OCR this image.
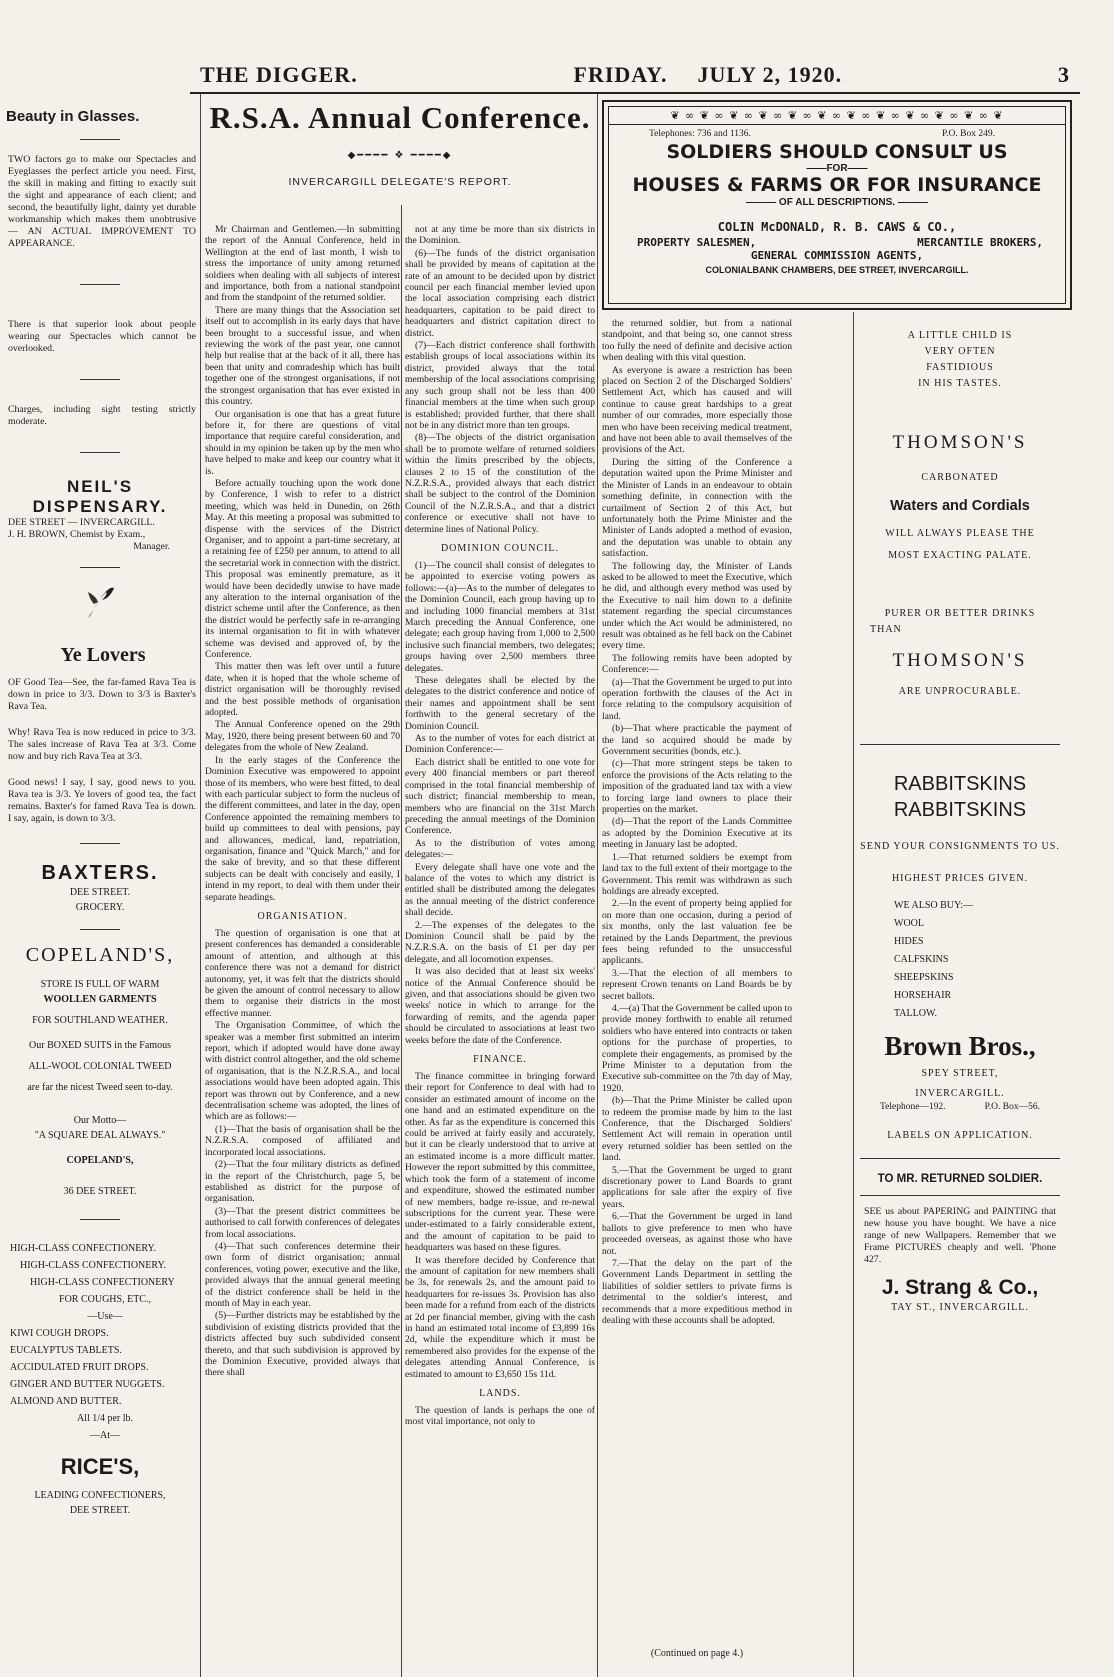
THE DIGGER.	FRIDAY. JULY 2, 1920.	3
Beauty in Glasses.
TWO factors go to make our Spectacles and Eyeglasses the perfect article you need. First, the skill in making and fitting to exactly suit the sight and appearance of each client; and second, the beautifully light, dainty yet durable workmanship which makes them unobtrusive — AN ACTUAL IMPROVEMENT TO APPEARANCE.
There is that superior look about people wearing our Spectacles which cannot be overlooked.
Charges, including sight testing strictly moderate.
NEIL'S DISPENSARY.
DEE STREET — INVERCARGILL.
J. H. BROWN, Chemist by Exam.,
Manager.
Ye Lovers
OF Good Tea—See, the far-famed Rava Tea is down in price to 3/3. Down to 3/3 is Baxter's Rava Tea.
Why! Rava Tea is now reduced in price to 3/3. The sales increase of Rava Tea at 3/3. Come now and buy rich Rava Tea at 3/3.
Good news! I say, I say, good news to you. Rava tea is 3/3. Ye lovers of good tea, the fact remains. Baxter's for famed Rava Tea is down. I say, again, is down to 3/3.
BAXTERS.
DEE STREET.
GROCERY.
COPELAND'S,
STORE IS FULL OF WARM
WOOLLEN GARMENTS
FOR SOUTHLAND WEATHER.
Our BOXED SUITS in the Famous
ALL-WOOL COLONIAL TWEED
are far the nicest Tweed seen to-day.
Our Motto—
"A SQUARE DEAL ALWAYS."
COPELAND'S,
36 DEE STREET.
HIGH-CLASS CONFECTIONERY.
HIGH-CLASS CONFECTIONERY.
HIGH-CLASS CONFECTIONERY
FOR COUGHS, ETC.,
—Use—
KIWI COUGH DROPS.
EUCALYPTUS TABLETS.
ACCIDULATED FRUIT DROPS.
GINGER AND BUTTER NUGGETS.
ALMOND AND BUTTER.
All 1/4 per lb.
—At—
RICE'S,
LEADING CONFECTIONERS,
DEE STREET.
R.S.A. Annual Conference.
◆━━━━ ❖ ━━━━◆
INVERCARGILL DELEGATE'S REPORT.

Mr Chairman and Gentlemen.—In submitting the report of the Annual Conference, held in Wellington at the end of last month, I wish to stress the importance of unity among returned soldiers when dealing with all subjects of interest and importance, both from a national standpoint and from the standpoint of the returned soldier.

There are many things that the Association set itself out to accomplish in its early days that have been brought to a successful issue, and when reviewing the work of the past year, one cannot help but realise that at the back of it all, there has been that unity and comradeship which has built together one of the strongest organisations, if not the strongest organisation that has ever existed in this country.

Our organisation is one that has a great future before it, for there are questions of vital importance that require careful consideration, and should in my opinion be taken up by the men who have helped to make and keep our country what it is.

Before actually touching upon the work done by Conference, I wish to refer to a district meeting, which was held in Dunedin, on 26th May. At this meeting a proposal was submitted to dispense with the services of the District Organiser, and to appoint a part-time secretary, at a retaining fee of £250 per annum, to attend to all the secretarial work in connection with the district. This proposal was eminently premature, as it would have been decidedly unwise to have made any alteration to the internal organisation of the district scheme until after the Conference, as then the district would be perfectly safe in re-arranging its internal organisation to fit in with whatever scheme was devised and approved of, by the Conference.

This matter then was left over until a future date, when it is hoped that the whole scheme of district organisation will be thoroughly revised and the best possible methods of organisation adopted.

The Annual Conference opened on the 29th May, 1920, there being present between 60 and 70 delegates from the whole of New Zealand.

In the early stages of the Conference the Dominion Executive was empowered to appoint those of its members, who were best fitted, to deal with each particular subject to form the nucleus of the different committees, and later in the day, open Conference appointed the remaining members to build up committees to deal with pensions, pay and allowances, medical, land, repatriation, organisation, finance and "Quick March," and for the sake of brevity, and so that these different subjects can be dealt with concisely and easily, I intend in my report, to deal with them under their separate headings.

ORGANISATION.

The question of organisation is one that at present conferences has demanded a considerable amount of attention, and although at this conference there was not a demand for district autonomy, yet, it was felt that the districts should be given the amount of control necessary to allow them to organise their districts in the most effective manner.

The Organisation Committee, of which the speaker was a member first submitted an interim report, which if adopted would have done away with district control altogether, and the old scheme of organisation, that is the N.Z.R.S.A., and local associations would have been adopted again. This report was thrown out by Conference, and a new decentralisation scheme was adopted, the lines of which are as follows:—

(1)—That the basis of organisation shall be the N.Z.R.S.A. composed of affiliated and incorporated local associations.

(2)—That the four military districts as defined in the report of the Christchurch, page 5, be established as district for the purpose of organisation.

(3)—That the present district committees be authorised to call forwith conferences of delegates from local associations.

(4)—That such conferences determine their own form of district organisation; annual conferences, voting power, executive and the like, provided always that the annual general meeting of the district conference shall be held in the month of May in each year.

(5)—Further districts may be established by the subdivision of existing districts provided that the districts affected buy such subdivided consent thereto, and that such subdivision is approved by the Dominion Executive, provided always that there shall

not at any time be more than six districts in the Dominion.

(6)—The funds of the district organisation shall be provided by means of capitation at the rate of an amount to be decided upon by district council per each financial member levied upon the local association comprising each district headquarters, capitation to be paid direct to headquarters and district capitation direct to district.

(7)—Each district conference shall forthwith establish groups of local associations within its district, provided always that the total membership of the local associations comprising any such group shall not be less than 400 financial members at the time when such group is established; provided further, that there shall not be in any district more than ten groups.

(8)—The objects of the district organisation shall be to promote welfare of returned soldiers within the limits prescribed by the objects, clauses 2 to 15 of the constitution of the N.Z.R.S.A., provided always that each district shall be subject to the control of the Dominion Council of the N.Z.R.S.A., and that a district conference or executive shall not have to determine lines of National Policy.

DOMINION COUNCIL.

(1)—The council shall consist of delegates to be appointed to exercise voting powers as follows:—(a)—As to the number of delegates to the Dominion Council, each group having up to and including 1000 financial members at 31st March preceding the Annual Conference, one delegate; each group having from 1,000 to 2,500 inclusive such financial members, two delegates; groups having over 2,500 members three delegates.

These delegates shall be elected by the delegates to the district conference and notice of their names and appointment shall be sent forthwith to the general secretary of the Dominion Council.

As to the number of votes for each district at Dominion Conference:—

Each district shall be entitled to one vote for every 400 financial members or part thereof comprised in the total financial membership of such district; financial membership to mean, members who are financial on the 31st March preceding the annual meetings of the Dominion Conference.

As to the distribution of votes among delegates:—

Every delegate shall have one vote and the balance of the votes to which any district is entitled shall be distributed among the delegates as the annual meeting of the district conference shall decide.

2.—The expenses of the delegates to the Dominion Council shall be paid by the N.Z.R.S.A. on the basis of £1 per day per delegate, and all locomotion expenses.

It was also decided that at least six weeks' notice of the Annual Conference should be given, and that associations should be given two weeks' notice in which to arrange for the forwarding of remits, and the agenda paper should be circulated to associations at least two weeks before the date of the Conference.

FINANCE.

The finance committee in bringing forward their report for Conference to deal with had to consider an estimated amount of income on the one hand and an estimated expenditure on the other. As far as the expenditure is concerned this could be arrived at fairly easily and accurately, but it can be clearly understood that to arrive at an estimated income is a more difficult matter. However the report submitted by this committee, which took the form of a statement of income and expenditure, showed the estimated number of new members, badge re-issue, and re-newal subscriptions for the current year. These were under-estimated to a fairly considerable extent, and the amount of capitation to be paid to headquarters was based on these figures.

It was therefore decided by Conference that the amount of capitation for new members shall be 3s, for renewals 2s, and the amount paid to headquarters for re-issues 3s. Provision has also been made for a refund from each of the districts at 2d per financial member, giving with the cash in hand an estimated total income of £3,899 16s 2d, while the expenditure which it must be remembered also provides for the expense of the delegates attending Annual Conference, is estimated to amount to £3,650 15s 11d.

LANDS.

The question of lands is perhaps the one of most vital importance, not only to

the returned soldier, but from a national standpoint, and that being so, one cannot stress too fully the need of definite and decisive action when dealing with this vital question.

As everyone is aware a restriction has been placed on Section 2 of the Discharged Soldiers' Settlement Act, which has caused and will continue to cause great hardships to a great number of our comrades, more especially those men who have been receiving medical treatment, and have not been able to avail themselves of the provisions of the Act.

During the sitting of the Conference a deputation waited upon the Prime Minister and the Minister of Lands in an endeavour to obtain something definite, in connection with the curtailment of Section 2 of this Act, but unfortunately both the Prime Minister and the Minister of Lands adopted a method of evasion, and the deputation was unable to obtain any satisfaction.

The following day, the Minister of Lands asked to be allowed to meet the Executive, which he did, and although every method was used by the Executive to nail him down to a definite statement regarding the special circumstances under which the Act would be administered, no result was obtained as he fell back on the Cabinet every time.

The following remits have been adopted by Conference:—

(a)—That the Government be urged to put into operation forthwith the clauses of the Act in force relating to the compulsory acquisition of land.

(b)—That where practicable the payment of the land so acquired should be made by Government securities (bonds, etc.).

(c)—That more stringent steps be taken to enforce the provisions of the Acts relating to the imposition of the graduated land tax with a view to forcing large land owners to place their properties on the market.

(d)—That the report of the Lands Committee as adopted by the Dominion Executive at its meeting in January last be adopted.

1.—That returned soldiers be exempt from land tax to the full extent of their mortgage to the Government. This remit was withdrawn as such holdings are already excepted.

2.—In the event of property being applied for on more than one occasion, during a period of six months, only the last valuation fee be retained by the Lands Department, the previous fees being refunded to the unsuccessful applicants.

3.—That the election of all members to represent Crown tenants on Land Boards be by secret ballots.

4.—(a) That the Government be called upon to provide money forthwith to enable all returned soldiers who have entered into contracts or taken options for the purchase of properties, to complete their engagements, as promised by the Prime Minister to a deputation from the Executive sub-committee on the 7th day of May, 1920.

(b)—That the Prime Minister be called upon to redeem the promise made by him to the last Conference, that the Discharged Soldiers' Settlement Act will remain in operation until every returned soldier has been settled on the land.

5.—That the Government be urged to grant discretionary power to Land Boards to grant applications for sale after the expiry of five years.

6.—That the Government be urged in land ballots to give preference to men who have proceeded overseas, as against those who have not.

7.—That the delay on the part of the Government Lands Department in settling the liabilities of soldier settlers to private firms is detrimental to the soldier's interest, and recommends that a more expeditious method in dealing with these accounts shall be adopted.

(Continued on page 4.)
❦ ∞ ❦ ∞ ❦ ∞ ❦ ∞ ❦ ∞ ❦ ∞ ❦ ∞ ❦ ∞ ❦ ∞ ❦ ∞ ❦ ∞ ❦
Telephones: 736 and 1136.	P.O. Box 249.
SOLDIERS SHOULD CONSULT US
——FOR——
HOUSES & FARMS OR FOR INSURANCE
——— OF ALL DESCRIPTIONS. ———
COLIN McDONALD, R. B. CAWS & CO.,
PROPERTY SALESMEN,	MERCANTILE BROKERS,
GENERAL COMMISSION AGENTS,
COLONIALBANK CHAMBERS, DEE STREET, INVERCARGILL.
A LITTLE CHILD IS
VERY OFTEN
FASTIDIOUS
IN HIS TASTES.
THOMSON'S
CARBONATED
Waters and Cordials
WILL ALWAYS PLEASE THE
MOST EXACTING PALATE.
PURER OR BETTER DRINKS
THAN
THOMSON'S
ARE UNPROCURABLE.
RABBITSKINS
RABBITSKINS
SEND YOUR CONSIGNMENTS TO US.
HIGHEST PRICES GIVEN.
WE ALSO BUY:—
WOOL
HIDES
CALFSKINS
SHEEPSKINS
HORSEHAIR
TALLOW.
Brown Bros.,
SPEY STREET,
INVERCARGILL.
Telephone—192.	P.O. Box—56.
LABELS ON APPLICATION.
TO MR. RETURNED SOLDIER.
SEE us about PAPERING and PAINTING that new house you have bought. We have a nice range of new Wallpapers. Remember that we Frame PICTURES cheaply and well. 'Phone 427.
J. Strang & Co.,
TAY ST., INVERCARGILL.
